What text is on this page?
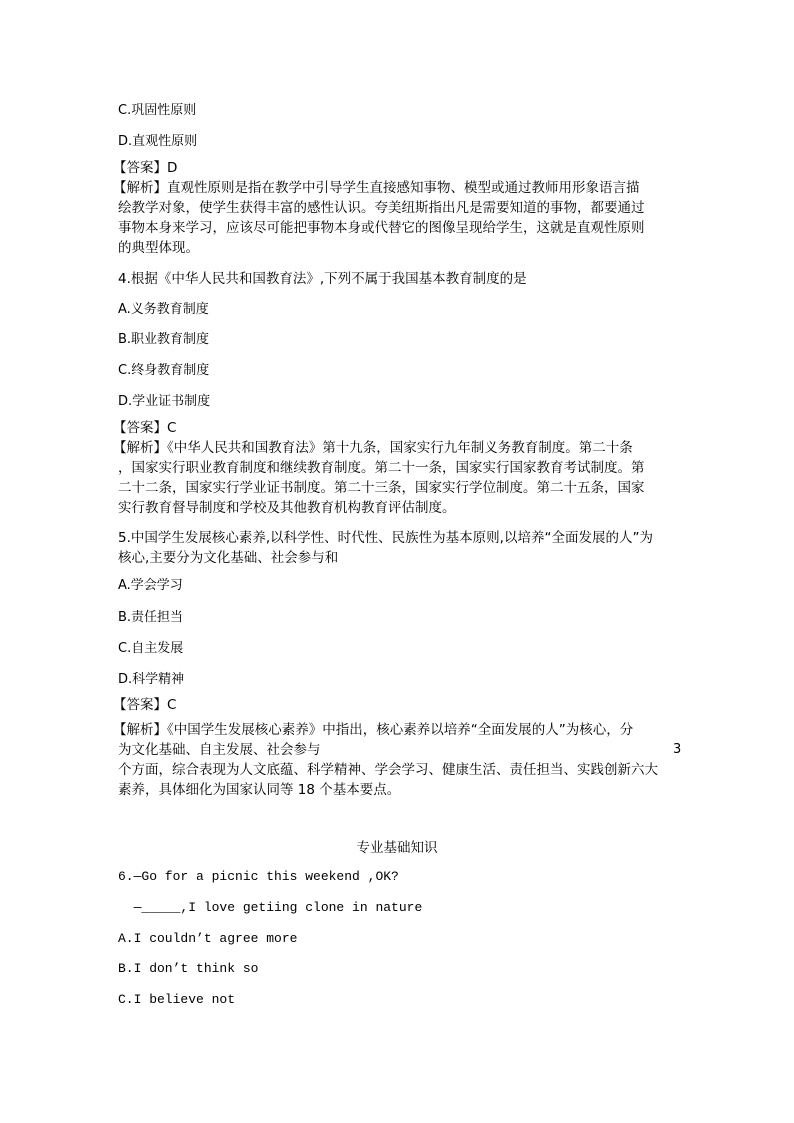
C.巩固性原则
D.直观性原则
【答案】D
【解析】直观性原则是指在教学中引导学生直接感知事物、模型或通过教师用形象语言描
绘教学对象，使学生获得丰富的感性认识。夸美纽斯指出凡是需要知道的事物，都要通过
事物本身来学习，应该尽可能把事物本身或代替它的图像呈现给学生，这就是直观性原则
的典型体现。
4.根据《中华人民共和国教育法》,下列不属于我国基本教育制度的是
A.义务教育制度
B.职业教育制度
C.终身教育制度
D.学业证书制度
【答案】C
【解析】《中华人民共和国教育法》第十九条，国家实行九年制义务教育制度。第二十条
，国家实行职业教育制度和继续教育制度。第二十一条，国家实行国家教育考试制度。第
二十二条，国家实行学业证书制度。第二十三条，国家实行学位制度。第二十五条，国家
实行教育督导制度和学校及其他教育机构教育评估制度。
5.中国学生发展核心素养,以科学性、时代性、民族性为基本原则,以培养“全面发展的人”为
核心,主要分为文化基础、社会参与和
A.学会学习
B.责任担当
C.自主发展
D.科学精神
【答案】C
【解析】《中国学生发展核心素养》中指出，核心素养以培养“全面发展的人”为核心，分
为文化基础、自主发展、社会参与	3
个方面，综合表现为人文底蕴、科学精神、学会学习、健康生活、责任担当、实践创新六大
素养，具体细化为国家认同等 18 个基本要点。
专业基础知识
6.—Go for a picnic this weekend ,OK?
—_____,I love getiing clone in nature
A.I couldn’t agree more
B.I don’t think so
C.I believe not
